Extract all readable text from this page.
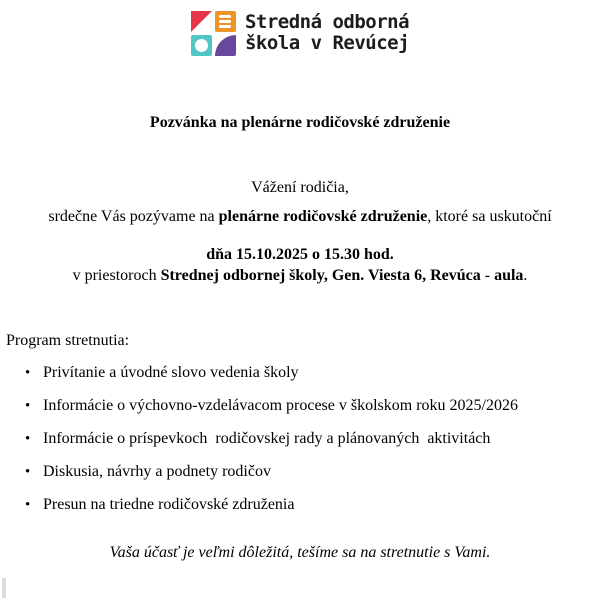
Stredná odborná
škola v Revúcej
Pozvánka na plenárne rodičovské združenie

Vážení rodičia,

srdečne Vás pozývame na plenárne rodičovské združenie, ktoré sa uskutoční

dňa 15.10.2025 o 15.30 hod.

v priestoroch Strednej odbornej školy, Gen. Viesta 6, Revúca - aula.

Program stretnutia:

• Privítanie a úvodné slovo vedenia školy
• Informácie o výchovno-vzdelávacom procese v školskom roku 2025/2026
• Informácie o príspevkoch  rodičovskej rady a plánovaných  aktivitách
• Diskusia, návrhy a podnety rodičov
• Presun na triedne rodičovské združenia

Vaša účasť je veľmi dôležitá, tešíme sa na stretnutie s Vami.
